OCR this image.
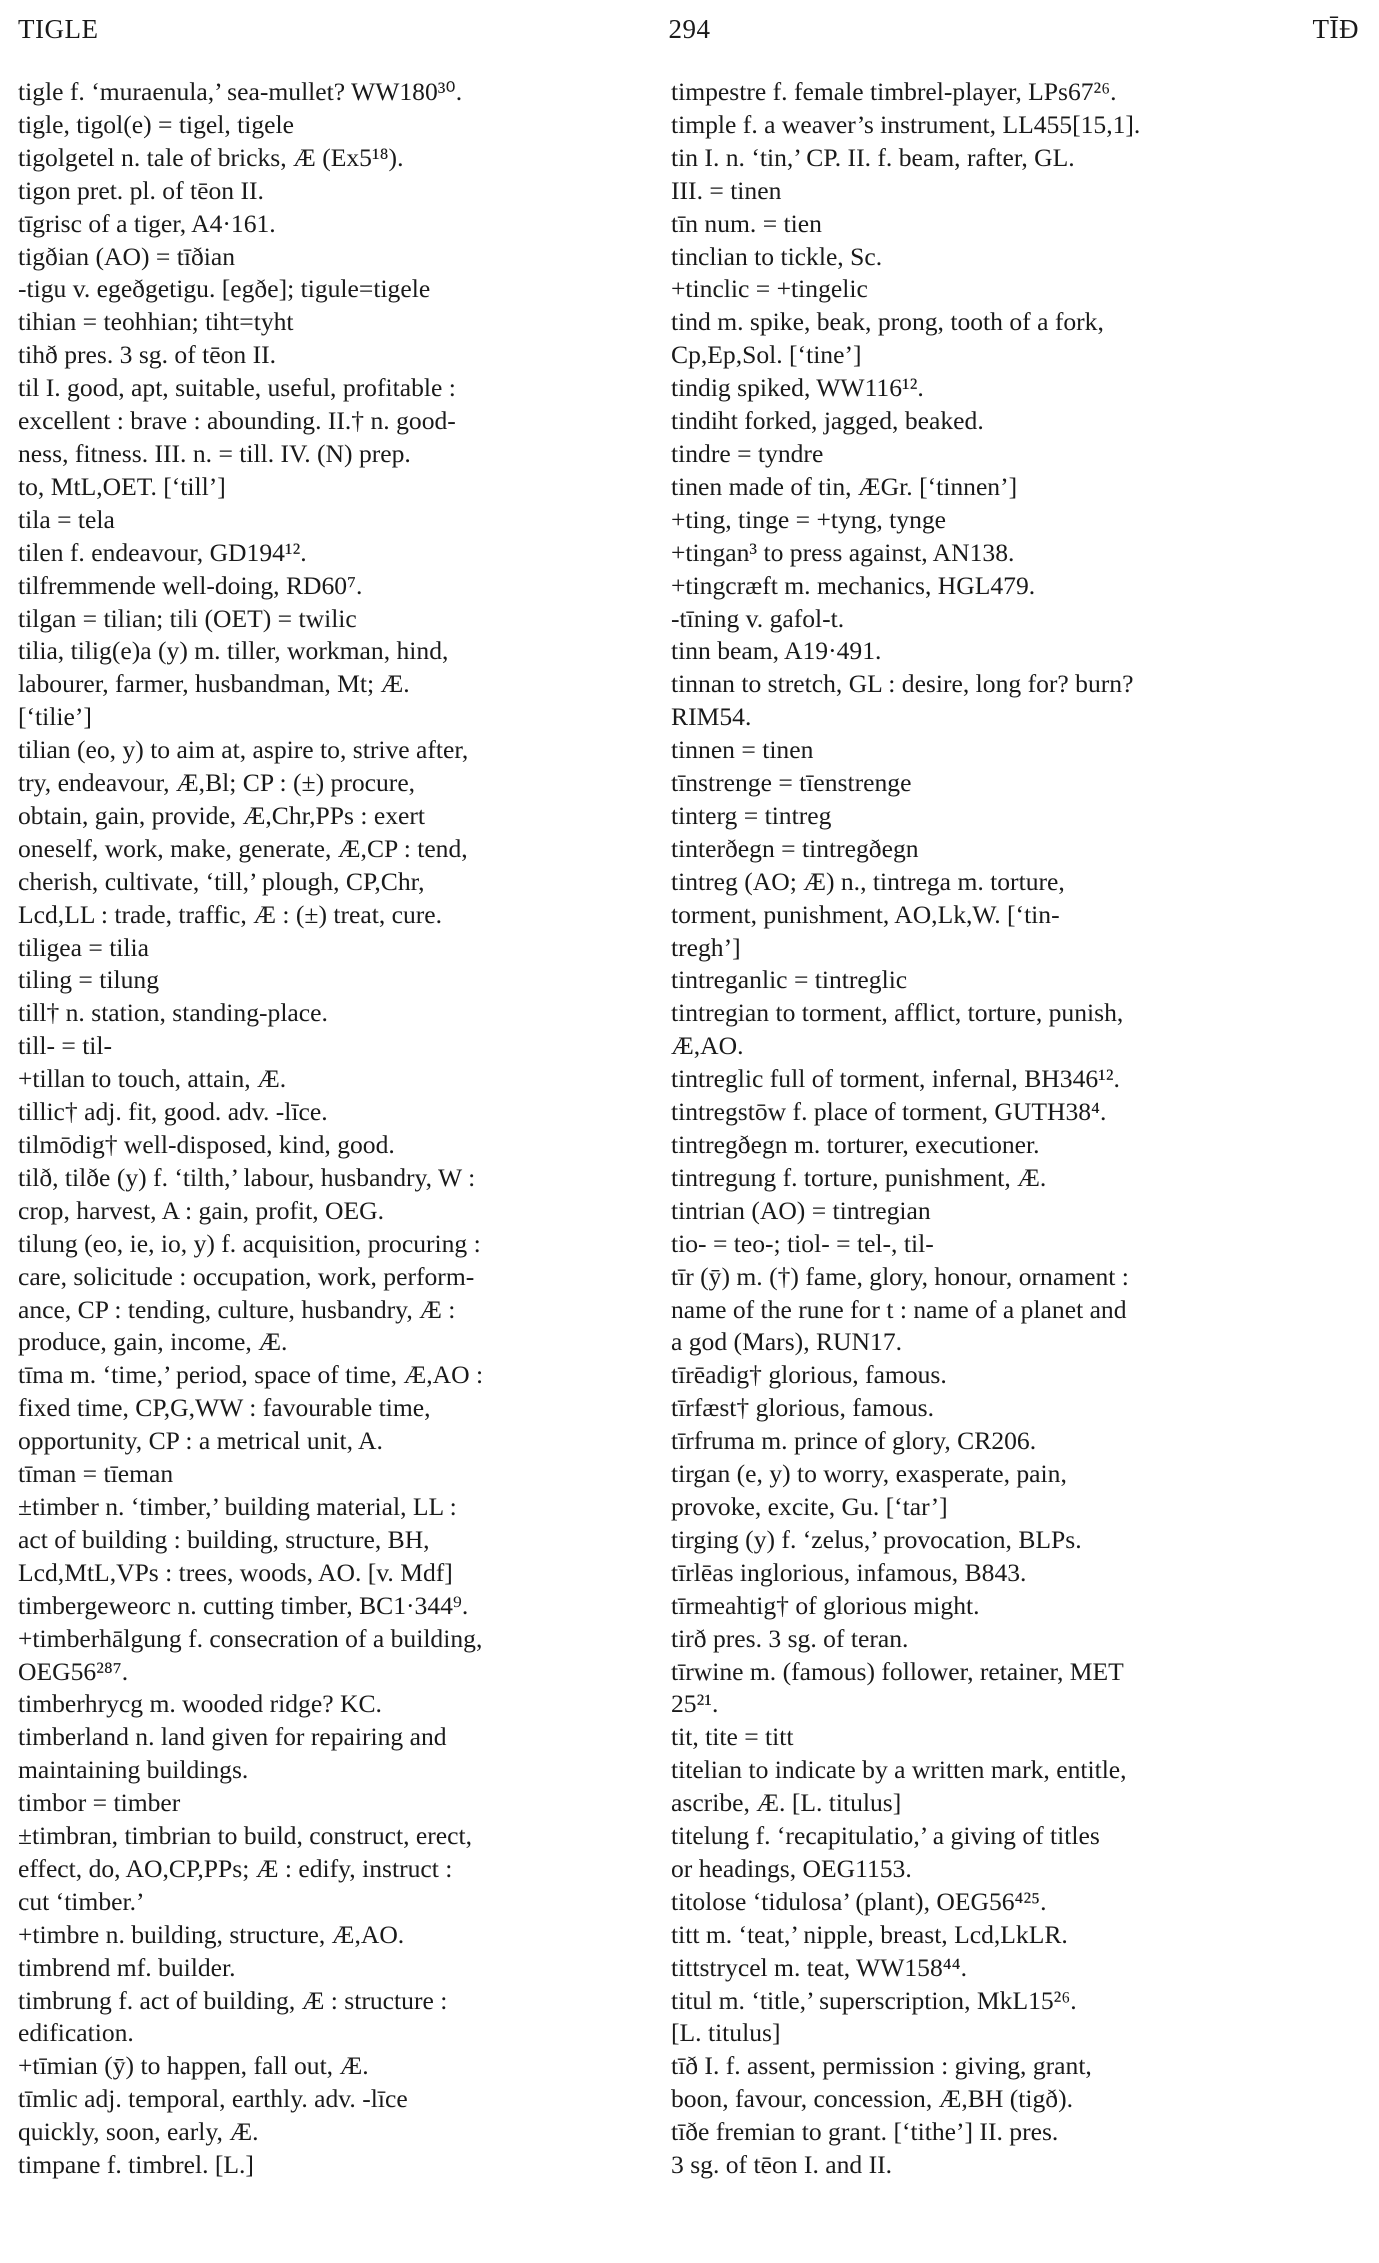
TIGLE	294	TĪÐ
tigle f. ‘muraenula,’ sea-mullet? WW180³⁰.
tigle, tigol(e) = tigel, tigele
tigolgetel n. tale of bricks, Æ (Ex5¹⁸).
tigon pret. pl. of tēon II.
tīgrisc of a tiger, A4·161.
tigðian (AO) = tīðian
-tigu v. egeðgetigu. [egðe]; tigule=tigele
tihian = teohhian; tiht=tyht
tihð pres. 3 sg. of tēon II.
til I. good, apt, suitable, useful, profitable :
excellent : brave : abounding. II.† n. good-
ness, fitness. III. n. = till. IV. (N) prep.
to, MtL,OET. [‘till’]
tila = tela
tilen f. endeavour, GD194¹².
tilfremmende well-doing, RD60⁷.
tilgan = tilian; tili (OET) = twilic
tilia, tilig(e)a (y) m. tiller, workman, hind,
labourer, farmer, husbandman, Mt; Æ.
[‘tilie’]
tilian (eo, y) to aim at, aspire to, strive after,
try, endeavour, Æ,Bl; CP : (±) procure,
obtain, gain, provide, Æ,Chr,PPs : exert
oneself, work, make, generate, Æ,CP : tend,
cherish, cultivate, ‘till,’ plough, CP,Chr,
Lcd,LL : trade, traffic, Æ : (±) treat, cure.
tiligea = tilia
tiling = tilung
till† n. station, standing-place.
till- = til-
+tillan to touch, attain, Æ.
tillic† adj. fit, good. adv. -līce.
tilmōdig† well-disposed, kind, good.
tilð, tilðe (y) f. ‘tilth,’ labour, husbandry, W :
crop, harvest, A : gain, profit, OEG.
tilung (eo, ie, io, y) f. acquisition, procuring :
care, solicitude : occupation, work, perform-
ance, CP : tending, culture, husbandry, Æ :
produce, gain, income, Æ.
tīma m. ‘time,’ period, space of time, Æ,AO :
fixed time, CP,G,WW : favourable time,
opportunity, CP : a metrical unit, A.
tīman = tīeman
±timber n. ‘timber,’ building material, LL :
act of building : building, structure, BH,
Lcd,MtL,VPs : trees, woods, AO. [v. Mdf]
timbergeweorc n. cutting timber, BC1·344⁹.
+timberhālgung f. consecration of a building,
OEG56²⁸⁷.
timberhrycg m. wooded ridge? KC.
timberland n. land given for repairing and
maintaining buildings.
timbor = timber
±timbran, timbrian to build, construct, erect,
effect, do, AO,CP,PPs; Æ : edify, instruct :
cut ‘timber.’
+timbre n. building, structure, Æ,AO.
timbrend mf. builder.
timbrung f. act of building, Æ : structure :
edification.
+tīmian (ȳ) to happen, fall out, Æ.
tīmlic adj. temporal, earthly. adv. -līce
quickly, soon, early, Æ.
timpane f. timbrel. [L.]
timpestre f. female timbrel-player, LPs67²⁶.
timple f. a weaver’s instrument, LL455[15,1].
tin I. n. ‘tin,’ CP. II. f. beam, rafter, GL.
III. = tinen
tīn num. = tien
tinclian to tickle, Sc.
+tinclic = +tingelic
tind m. spike, beak, prong, tooth of a fork,
Cp,Ep,Sol. [‘tine’]
tindig spiked, WW116¹².
tindiht forked, jagged, beaked.
tindre = tyndre
tinen made of tin, ÆGr. [‘tinnen’]
+ting, tinge = +tyng, tynge
+tingan³ to press against, AN138.
+tingcræft m. mechanics, HGL479.
-tīning v. gafol-t.
tinn beam, A19·491.
tinnan to stretch, GL : desire, long for? burn?
RIM54.
tinnen = tinen
tīnstrenge = tīenstrenge
tinterg = tintreg
tinterðegn = tintregðegn
tintreg (AO; Æ) n., tintrega m. torture,
torment, punishment, AO,Lk,W. [‘tin-
tregh’]
tintreganlic = tintreglic
tintregian to torment, afflict, torture, punish,
Æ,AO.
tintreglic full of torment, infernal, BH346¹².
tintregstōw f. place of torment, GUTH38⁴.
tintregðegn m. torturer, executioner.
tintregung f. torture, punishment, Æ.
tintrian (AO) = tintregian
tio- = teo-; tiol- = tel-, til-
tīr (ȳ) m. (†) fame, glory, honour, ornament :
name of the rune for t : name of a planet and
a god (Mars), RUN17.
tīrēadig† glorious, famous.
tīrfæst† glorious, famous.
tīrfruma m. prince of glory, CR206.
tirgan (e, y) to worry, exasperate, pain,
provoke, excite, Gu. [‘tar’]
tirging (y) f. ‘zelus,’ provocation, BLPs.
tīrlēas inglorious, infamous, B843.
tīrmeahtig† of glorious might.
tirð pres. 3 sg. of teran.
tīrwine m. (famous) follower, retainer, MET
25²¹.
tit, tite = titt
titelian to indicate by a written mark, entitle,
ascribe, Æ. [L. titulus]
titelung f. ‘recapitulatio,’ a giving of titles
or headings, OEG1153.
titolose ‘tidulosa’ (plant), OEG56⁴²⁵.
titt m. ‘teat,’ nipple, breast, Lcd,LkLR.
tittstrycel m. teat, WW158⁴⁴.
titul m. ‘title,’ superscription, MkL15²⁶.
[L. titulus]
tīð I. f. assent, permission : giving, grant,
boon, favour, concession, Æ,BH (tigð).
tīðe fremian to grant. [‘tithe’] II. pres.
3 sg. of tēon I. and II.
